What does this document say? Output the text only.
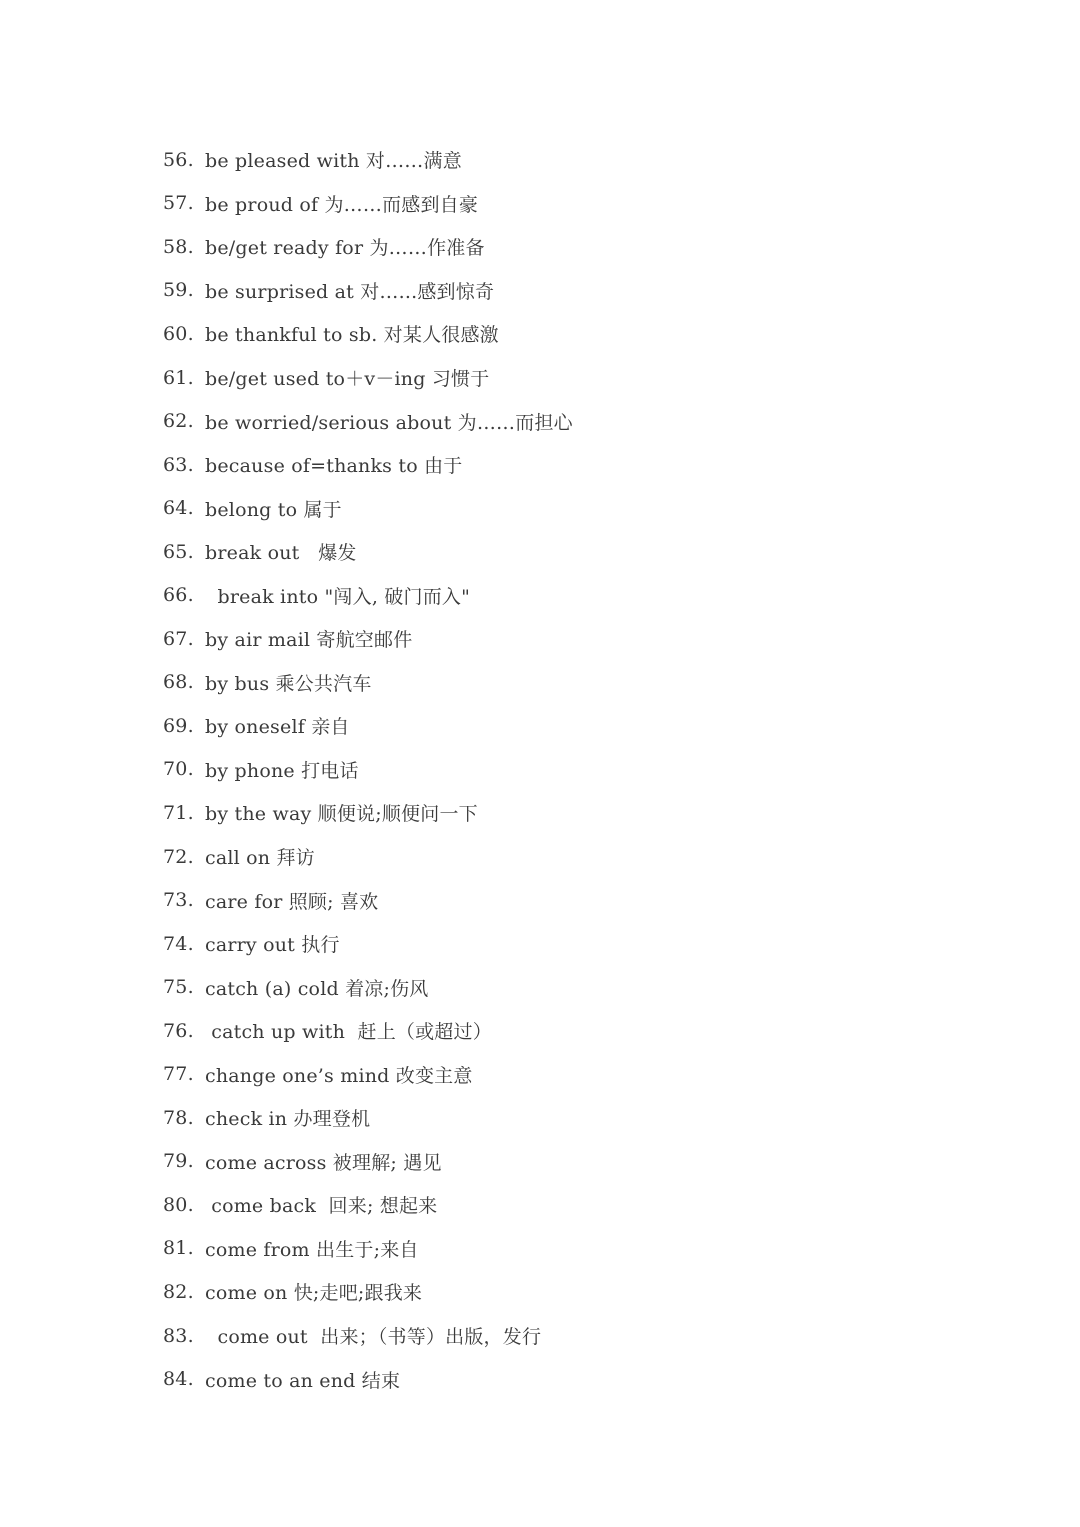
56. be pleased with 对……满意
57. be proud of 为……而感到自豪
58. be/get ready for 为……作准备
59. be surprised at 对…...感到惊奇
60. be thankful to sb. 对某人很感激
61. be/get used to＋v－ing 习惯于
62. be worried/serious about 为……而担心
63. because of=thanks to 由于
64. belong to 属于
65. break out   爆发
66. break into "闯入, 破门而入"
67. by air mail 寄航空邮件
68. by bus 乘公共汽车
69. by oneself 亲自
70. by phone 打电话
71. by the way 顺便说;顺便问一下
72. call on 拜访
73. care for 照顾; 喜欢
74. carry out 执行
75. catch (a) cold 着凉;伤风
76. catch up with  赶上（或超过）
77. change one’s mind 改变主意
78. check in 办理登机
79. come across 被理解; 遇见
80. come back  回来; 想起来
81. come from 出生于;来自
82. come on 快;走吧;跟我来
83. come out  出来；（书等）出版，发行
84. come to an end 结束
